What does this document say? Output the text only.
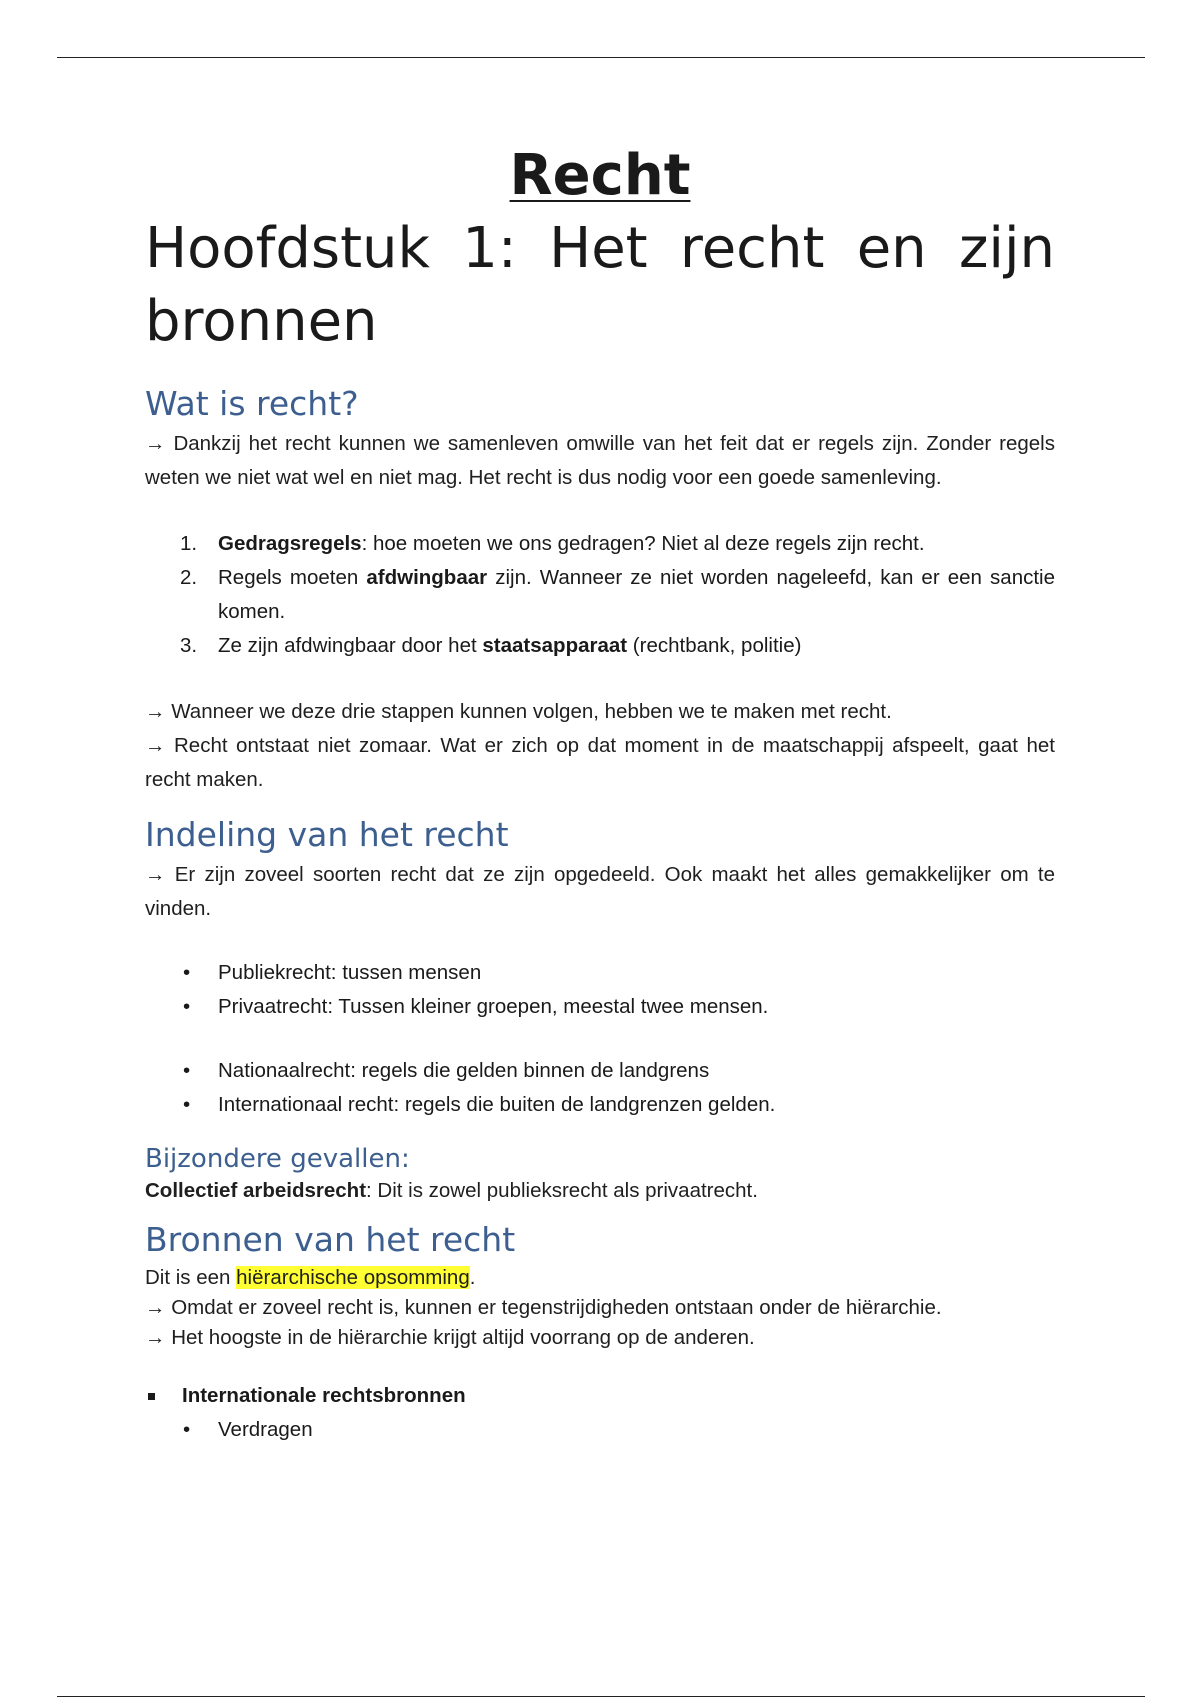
Recht
Hoofdstuk 1: Het recht en zijn bronnen
Wat is recht?

→ Dankzij het recht kunnen we samenleven omwille van het feit dat er regels zijn. Zonder regels weten we niet wat wel en niet mag. Het recht is dus nodig voor een goede samenleving.

1. Gedragsregels: hoe moeten we ons gedragen? Niet al deze regels zijn recht.
2. Regels moeten afdwingbaar zijn. Wanneer ze niet worden nageleefd, kan er een sanctie komen.
3. Ze zijn afdwingbaar door het staatsapparaat (rechtbank, politie)

→ Wanneer we deze drie stappen kunnen volgen, hebben we te maken met recht.

→ Recht ontstaat niet zomaar. Wat er zich op dat moment in de maatschappij afspeelt, gaat het recht maken.

Indeling van het recht

→ Er zijn zoveel soorten recht dat ze zijn opgedeeld. Ook maakt het alles gemakkelijker om te vinden.

• Publiekrecht: tussen mensen
• Privaatrecht: Tussen kleiner groepen, meestal twee mensen.
• Nationaalrecht: regels die gelden binnen de landgrens
• Internationaal recht: regels die buiten de landgrenzen gelden.
Bijzondere gevallen:

Collectief arbeidsrecht: Dit is zowel publieksrecht als privaatrecht.

Bronnen van het recht

Dit is een hiërarchische opsomming.

→ Omdat er zoveel recht is, kunnen er tegenstrijdigheden ontstaan onder de hiërarchie.

→ Het hoogste in de hiërarchie krijgt altijd voorrang op de anderen.

Internationale rechtsbronnen
• Verdragen
